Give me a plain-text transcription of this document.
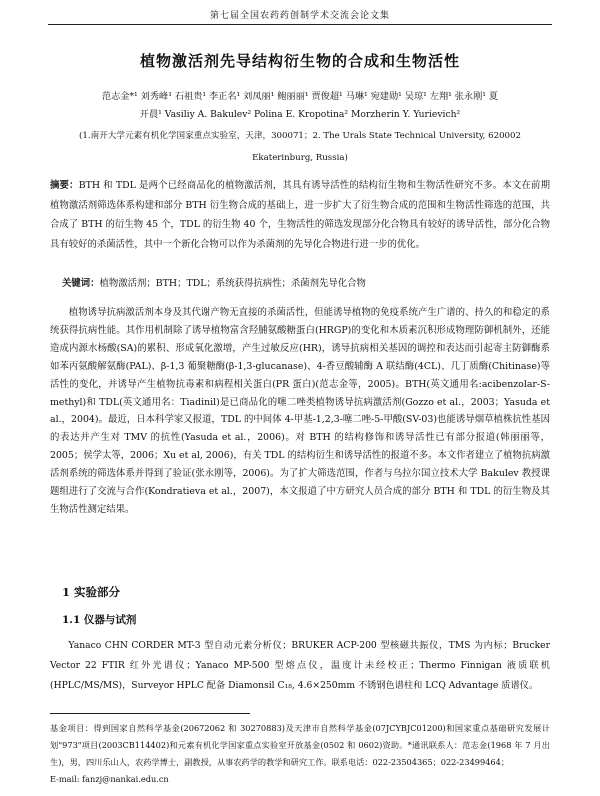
第七届全国农药药创制学术交流会论文集
植物激活剂先导结构衍生物的合成和生物活性
范志金*¹ 刘秀峰¹ 石祖贵¹ 李正名¹ 刘凤丽¹ 鲍丽丽¹ 贾俊超¹ 马琳¹ 宛建勋¹ 吴琼¹ 左翔¹ 张永刚¹ 夏
开晨¹ Vasiliy A. Bakulev² Polina E. Kropotina² Morzherin Y. Yurievich²
(1.南开大学元素有机化学国家重点实验室，天津，300071；2. The Urals State Technical University, 620002
Ekaterinburg, Russia)
摘要：BTH 和 TDL 是两个已经商品化的植物激活剂，其具有诱导活性的结构衍生物和生物活性研究不多。本文在前期植物激活剂筛选体系构建和部分 BTH 衍生物合成的基础上，进一步扩大了衍生物合成的范围和生物活性筛选的范围，共合成了 BTH 的衍生物 45 个，TDL 的衍生物 40 个，生物活性的筛选发现部分化合物具有较好的诱导活性，部分化合物具有较好的杀菌活性，其中一个新化合物可以作为杀菌剂的先导化合物进行进一步的优化。
关键词：植物激活剂；BTH；TDL；系统获得抗病性；杀菌剂先导化合物

植物诱导抗病激活剂本身及其代谢产物无直接的杀菌活性，但能诱导植物的免疫系统产生广谱的、持久的和稳定的系统获得抗病性能。其作用机制除了诱导植物富含羟脯氨酸糖蛋白(HRGP)的变化和木质素沉积形成物理防御机制外，还能造成内源水杨酸(SA)的累积、形成氧化激增，产生过敏反应(HR)，诱导抗病相关基因的调控和表达而引起寄主防御酶系如苯丙氨酸解氨酶(PAL)、β-1,3 葡聚糖酶(β-1,3-glucanase)、4-香豆酸辅酶 A 联结酶(4CL)、几丁质酶(Chitinase)等活性的变化，并诱导产生植物抗毒素和病程相关蛋白(PR 蛋白)(范志金等，2005)。BTH(英文通用名:acibenzolar-S-methyl)和 TDL(英文通用名：Tiadinil)是已商品化的噻二唑类植物诱导抗病激活剂(Gozzo et al.，2003；Yasuda et al.，2004)。最近，日本科学家又报道，TDL 的中间体 4-甲基-1,2,3-噻二唑-5-甲酸(SV-03)也能诱导烟草植株抗性基因的表达并产生对 TMV 的抗性(Yasuda et al.，2006)。对 BTH 的结构修饰和诱导活性已有部分报道(韩丽丽等，2005；侯学太等，2006；Xu et al, 2006)，有关 TDL 的结构衍生和诱导活性的报道不多。本文作者建立了植物抗病激活剂系统的筛选体系并得到了验证(张永刚等，2006)。为了扩大筛选范围，作者与乌拉尔国立技术大学 Bakulev 教授课题组进行了交流与合作(Kondratieva et al.，2007)，本文报道了中方研究人员合成的部分 BTH 和 TDL 的衍生物及其生物活性测定结果。

1 实验部分
1.1 仪器与试剂

Yanaco CHN CORDER MT-3 型自动元素分析仪；BRUKER ACP-200 型核磁共振仪，TMS 为内标；Brucker Vector 22 FTIR 红外光谱仪；Yanaco MP-500 型熔点仪，温度计未经校正；Thermo Finnigan 液质联机(HPLC/MS/MS)，Surveyor HPLC 配备 Diamonsil C₁₈, 4.6×250mm 不锈钢色谱柱和 LCQ Advantage 质谱仪。

基金项目：得到国家自然科学基金(20672062 和 30270883)及天津市自然科学基金(07JCYBJC01200)和国家重点基础研究发展计划"973"项目(2003CB114402)和元素有机化学国家重点实验室开放基金(0502 和 0602)资助。*通讯联系人：范志金(1968 年 7 月出生)，男，四川乐山人，农药学博士，副教授，从事农药学的教学和研究工作。联系电话：022-23504365；022-23499464；

E-mail: fanzj@nankai.edu.cn
